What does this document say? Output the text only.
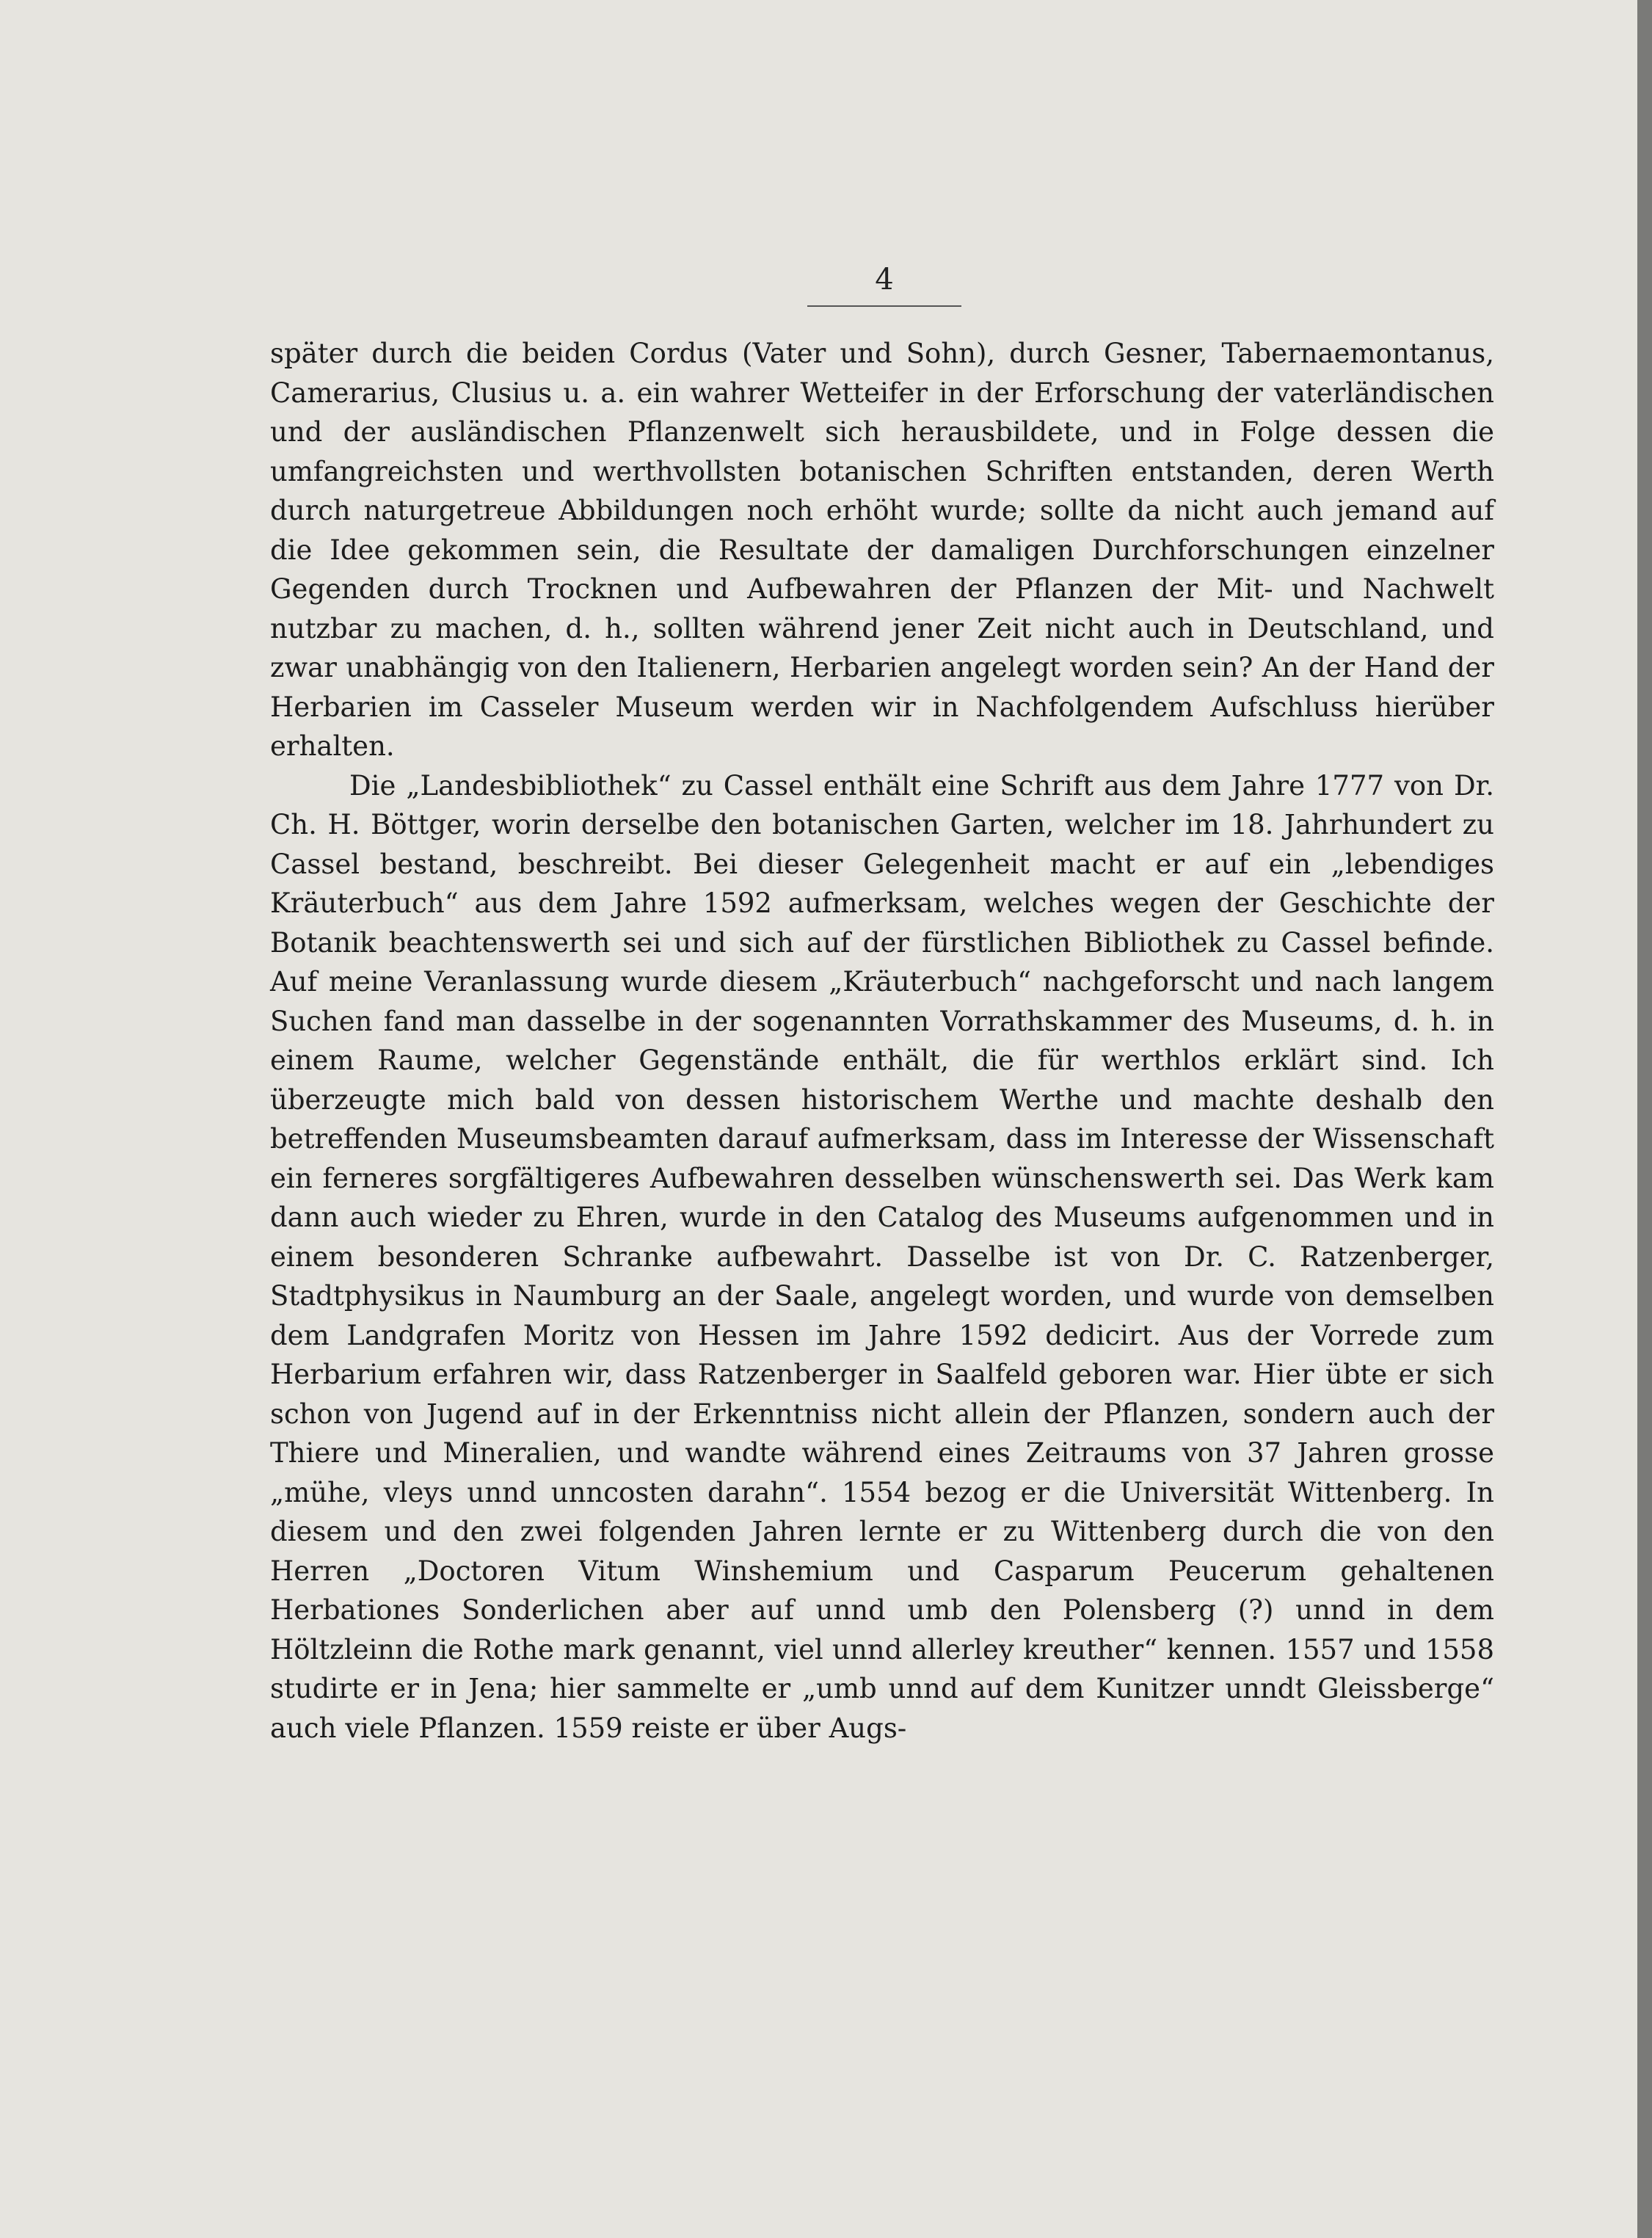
4

später durch die beiden Cordus (Vater und Sohn), durch Gesner, Tabernaemontanus, Camerarius, Clusius u. a. ein wahrer Wetteifer in der Erforschung der vaterländischen und der ausländischen Pflanzenwelt sich herausbildete, und in Folge dessen die umfangreichsten und werthvollsten botanischen Schriften entstanden, deren Werth durch naturgetreue Abbildungen noch erhöht wurde; sollte da nicht auch jemand auf die Idee gekommen sein, die Resultate der damaligen Durchforschungen einzelner Gegenden durch Trocknen und Aufbewahren der Pflanzen der Mit- und Nachwelt nutzbar zu machen, d. h., sollten während jener Zeit nicht auch in Deutschland, und zwar unabhängig von den Italienern, Herbarien angelegt worden sein? An der Hand der Herbarien im Casseler Museum werden wir in Nachfolgendem Aufschluss hierüber erhalten.

Die „Landesbibliothek“ zu Cassel enthält eine Schrift aus dem Jahre 1777 von Dr. Ch. H. Böttger, worin derselbe den botanischen Garten, welcher im 18. Jahrhundert zu Cassel bestand, beschreibt. Bei dieser Gelegenheit macht er auf ein „lebendiges Kräuterbuch“ aus dem Jahre 1592 aufmerksam, welches wegen der Geschichte der Botanik beachtenswerth sei und sich auf der fürstlichen Bibliothek zu Cassel befinde. Auf meine Veranlassung wurde diesem „Kräuterbuch“ nachgeforscht und nach langem Suchen fand man dasselbe in der sogenannten Vorrathskammer des Museums, d. h. in einem Raume, welcher Gegenstände enthält, die für werthlos erklärt sind. Ich überzeugte mich bald von dessen historischem Werthe und machte deshalb den betreffenden Museumsbeamten darauf aufmerksam, dass im Interesse der Wissenschaft ein ferneres sorgfältigeres Aufbewahren desselben wünschenswerth sei. Das Werk kam dann auch wieder zu Ehren, wurde in den Catalog des Museums aufgenommen und in einem besonderen Schranke aufbewahrt. Dasselbe ist von Dr. C. Ratzenberger, Stadtphysikus in Naumburg an der Saale, angelegt worden, und wurde von demselben dem Landgrafen Moritz von Hessen im Jahre 1592 dedicirt. Aus der Vorrede zum Herbarium erfahren wir, dass Ratzenberger in Saalfeld geboren war. Hier übte er sich schon von Jugend auf in der Erkenntniss nicht allein der Pflanzen, sondern auch der Thiere und Mineralien, und wandte während eines Zeitraums von 37 Jahren grosse „mühe, vleys unnd unncosten darahn“. 1554 bezog er die Universität Wittenberg. In diesem und den zwei folgenden Jahren lernte er zu Wittenberg durch die von den Herren „Doctoren Vitum Winshemium und Casparum Peucerum gehaltenen Herbationes Sonderlichen aber auf unnd umb den Polensberg (?) unnd in dem Höltzleinn die Rothe mark genannt, viel unnd allerley kreuther“ kennen. 1557 und 1558 studirte er in Jena; hier sammelte er „umb unnd auf dem Kunitzer unndt Gleissberge“ auch viele Pflanzen. 1559 reiste er über Augs-
